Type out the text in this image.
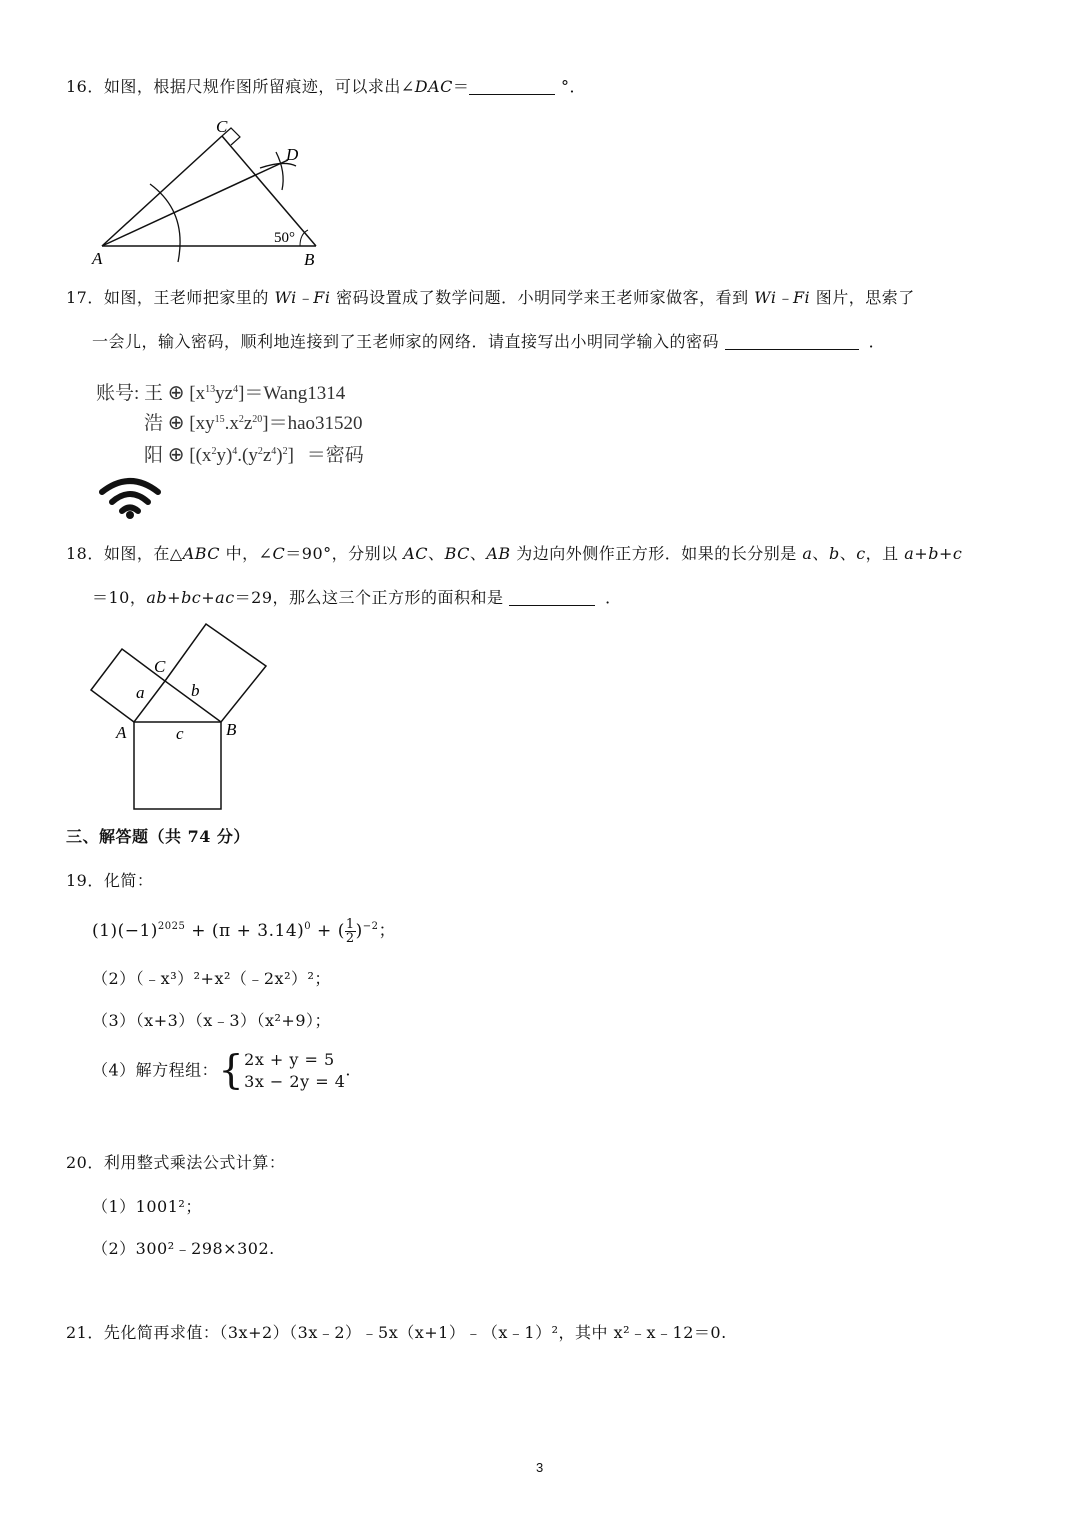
16．如图，根据尺规作图所留痕迹，可以求出∠DAC＝	°．
C
D
A	B
50°
17．如图，王老师把家里的 Wi﹣Fi 密码设置成了数学问题．小明同学来王老师家做客，看到 Wi﹣Fi 图片，思索了
一会儿，输入密码，顺利地连接到了王老师家的网络．请直接写出小明同学输入的密码	．
账号: 王 ⊕ $[x^{13}yz^4]=Wang1314$
浩 ⊕ $[xy^{15}.x^2z^{20}]=hao31520$
阳 ⊕ $[(x^2y)^4.(y^2z^4)^2]$ ＝密码
18．如图，在△ABC 中，∠C＝90°，分别以 AC、BC、AB 为边向外侧作正方形．如果的长分别是 a、b、c，且 a+b+c
＝10，ab+bc+ac＝29，那么这三个正方形的面积和是	．
C
a	b
A	c B
三、解答题（共 74 分）
19．化简：
$(1)(-1)^{2025} + (\pi + 3.14)^0$ + ( $\frac{1}{2} )^{-2}$；
（2）（﹣x³）²+x²（﹣2x²）²；
（3）（x+3）（x﹣3）（x²+9）；
（4）解方程组：{ 2x + y = 5
3x − 2y = 4
.
20．利用整式乘法公式计算：
（1）1001²；
（2）300²﹣298×302.
21．先化简再求值：（3x+2）（3x﹣2）﹣5x（x+1）﹣（x﹣1）²，其中 x²﹣x﹣12＝0.
3
